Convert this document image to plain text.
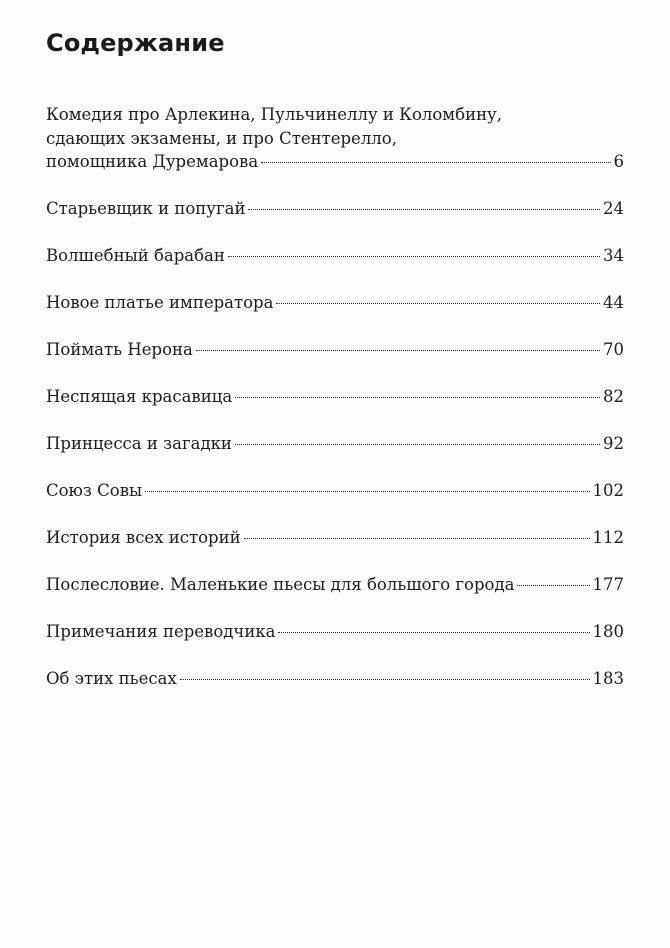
Содержание
Комедия про Арлекина, Пульчинеллу и Коломбину,
сдающих экзамены, и про Стентерелло,
помощника Дуремарова	6
Старьевщик и попугай	24
Волшебный барабан	34
Новое платье императора	44
Поймать Нерона	70
Неспящая красавица	82
Принцесса и загадки	92
Союз Совы	102
История всех историй	112
Послесловие. Маленькие пьесы для большого города	177
Примечания переводчика	180
Об этих пьесах	183
